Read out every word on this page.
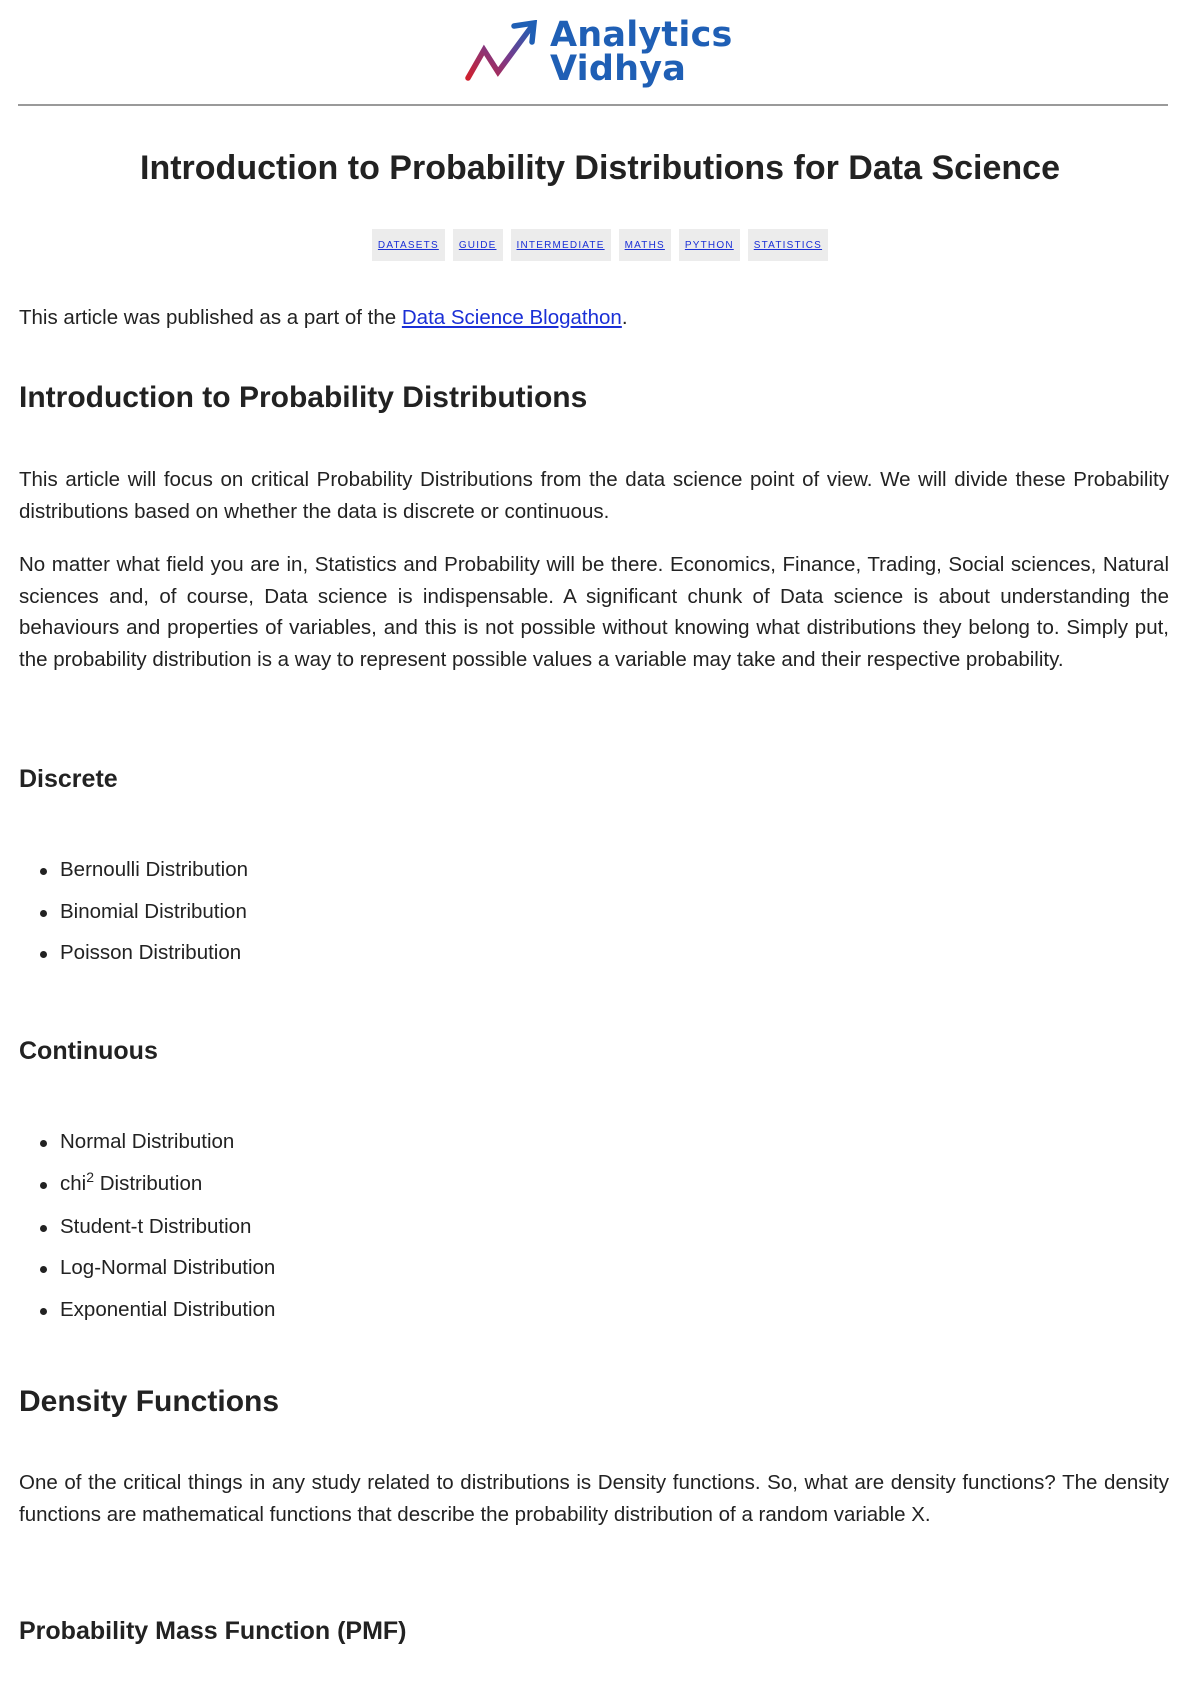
Analytics
Vidhya
Introduction to Probability Distributions for Data Science
DATASETS	GUIDE	INTERMEDIATE	MATHS	PYTHON	STATISTICS

This article was published as a part of the Data Science Blogathon.

Introduction to Probability Distributions

This article will focus on critical Probability Distributions from the data science point of view. We will divide these Probability distributions based on whether the data is discrete or continuous.

No matter what field you are in, Statistics and Probability will be there. Economics, Finance, Trading, Social sciences, Natural sciences and, of course, Data science is indispensable. A significant chunk of Data science is about understanding the behaviours and properties of variables, and this is not possible without knowing what distributions they belong to. Simply put, the probability distribution is a way to represent possible values a variable may take and their respective probability.

Discrete
Bernoulli Distribution
Binomial Distribution
Poisson Distribution
Continuous
Normal Distribution
chi$^2$ Distribution
Student-t Distribution
Log-Normal Distribution
Exponential Distribution
Density Functions

One of the critical things in any study related to distributions is Density functions. So, what are density functions? The density functions are mathematical functions that describe the probability distribution of a random variable X.

Probability Mass Function (PMF)
